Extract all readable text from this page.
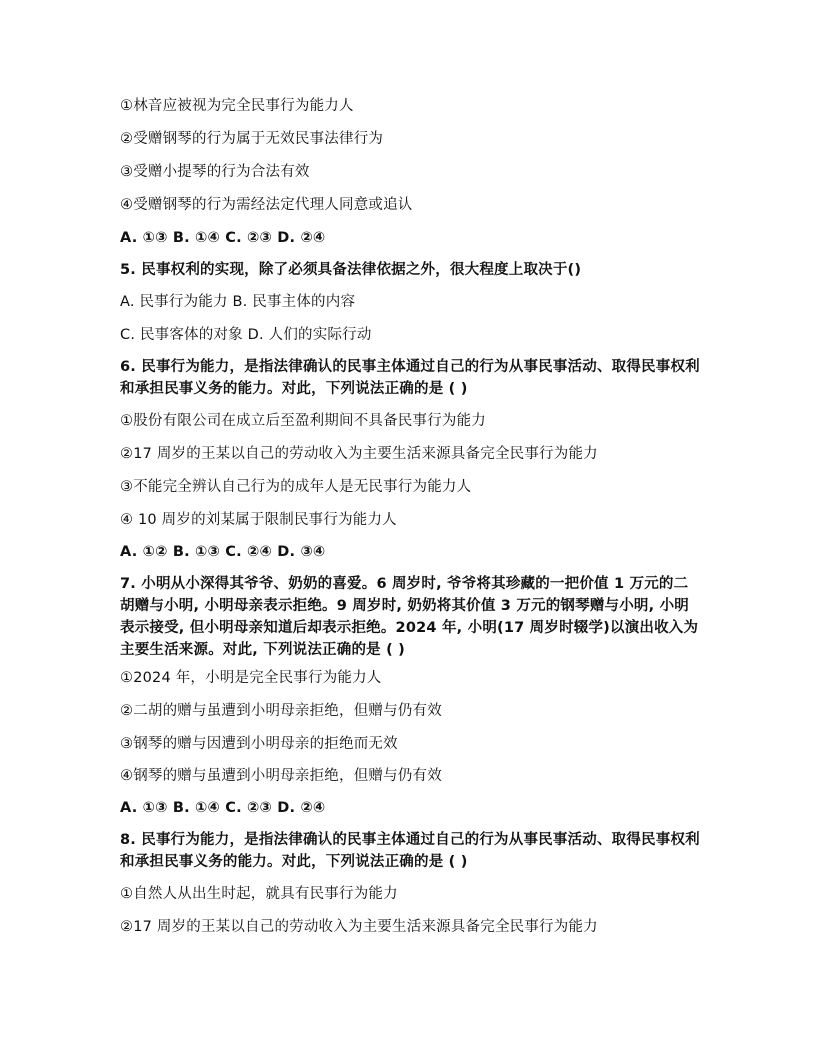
①林音应被视为完全民事行为能力人
②受赠钢琴的行为属于无效民事法律行为
③受赠小提琴的行为合法有效
④受赠钢琴的行为需经法定代理人同意或追认
A. ①③ B. ①④ C. ②③ D. ②④
5. 民事权利的实现，除了必须具备法律依据之外，很大程度上取决于()
A. 民事行为能力 B. 民事主体的内容
C. 民事客体的对象 D. 人们的实际行动
6. 民事行为能力，是指法律确认的民事主体通过自己的行为从事民事活动、取得民事权利和承担民事义务的能力。对此，下列说法正确的是 ( )
①股份有限公司在成立后至盈利期间不具备民事行为能力
②17 周岁的王某以自己的劳动收入为主要生活来源具备完全民事行为能力
③不能完全辨认自己行为的成年人是无民事行为能力人
④ 10 周岁的刘某属于限制民事行为能力人
A. ①② B. ①③ C. ②④ D. ③④
7. 小明从小深得其爷爷、奶奶的喜爱。6 周岁时, 爷爷将其珍藏的一把价值 1 万元的二胡赠与小明, 小明母亲表示拒绝。9 周岁时, 奶奶将其价值 3 万元的钢琴赠与小明, 小明表示接受, 但小明母亲知道后却表示拒绝。2024 年, 小明(17 周岁时辍学)以演出收入为主要生活来源。对此, 下列说法正确的是 ( )
①2024 年，小明是完全民事行为能力人
②二胡的赠与虽遭到小明母亲拒绝，但赠与仍有效
③钢琴的赠与因遭到小明母亲的拒绝而无效
④钢琴的赠与虽遭到小明母亲拒绝，但赠与仍有效
A. ①③ B. ①④ C. ②③ D. ②④
8. 民事行为能力，是指法律确认的民事主体通过自己的行为从事民事活动、取得民事权利和承担民事义务的能力。对此，下列说法正确的是 ( )
①自然人从出生时起，就具有民事行为能力
②17 周岁的王某以自己的劳动收入为主要生活来源具备完全民事行为能力
